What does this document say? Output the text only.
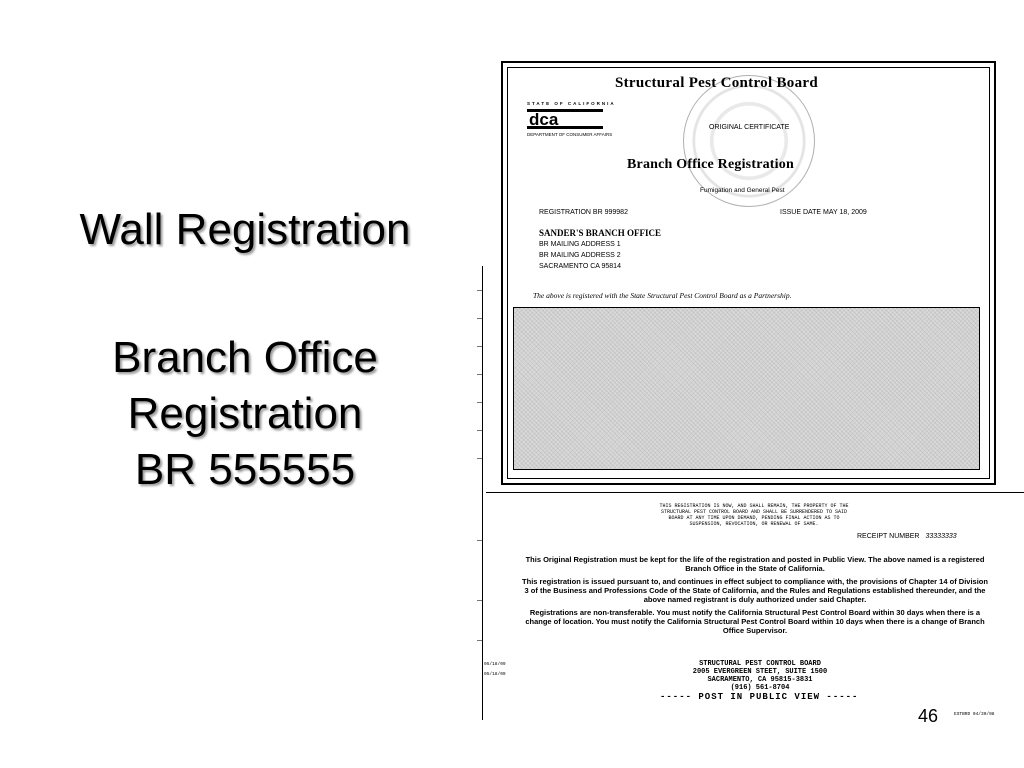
Wall Registration
Branch Office
Registration
BR 555555
Structural Pest Control Board
STATE OF CALIFORNIA
dca
DEPARTMENT OF CONSUMER AFFAIRS
ORIGINAL CERTIFICATE
Branch Office Registration
Fumigation and General Pest
REGISTRATION BR 999982	ISSUE DATE MAY 18, 2009
SANDER'S BRANCH OFFICE
BR MAILING ADDRESS 1
BR MAILING ADDRESS 2
SACRAMENTO CA 95814
The above is registered with the State Structural Pest Control Board as a Partnership.
THIS REGISTRATION IS NOW, AND SHALL REMAIN, THE PROPERTY OF THE
STRUCTURAL PEST CONTROL BOARD AND SHALL BE SURRENDERED TO SAID
BOARD AT ANY TIME UPON DEMAND, PENDING FINAL ACTION AS TO
SUSPENSION, REVOCATION, OR RENEWAL OF SAME.
RECEIPT NUMBER 33333333
This Original Registration must be kept for the life of the registration and posted in Public View. The above named is a registered Branch Office in the State of California.
This registration is issued pursuant to, and continues in effect subject to compliance with, the provisions of Chapter 14 of Division 3 of the Business and Professions Code of the State of California, and the Rules and Regulations established thereunder, and the above named registrant is duly authorized under said Chapter.
Registrations are non-transferable. You must notify the California Structural Pest Control Board within 30 days when there is a change of location. You must notify the California Structural Pest Control Board within 10 days when there is a change of Branch Office Supervisor.
STRUCTURAL PEST CONTROL BOARD
2005 EVERGREEN STEET, SUITE 1500
SACRAMENTO, CA 95815-3831
(916) 561-8704
----- POST IN PUBLIC VIEW -----
05/18/09
05/18/09
ESTBRD 04/30/08
46
